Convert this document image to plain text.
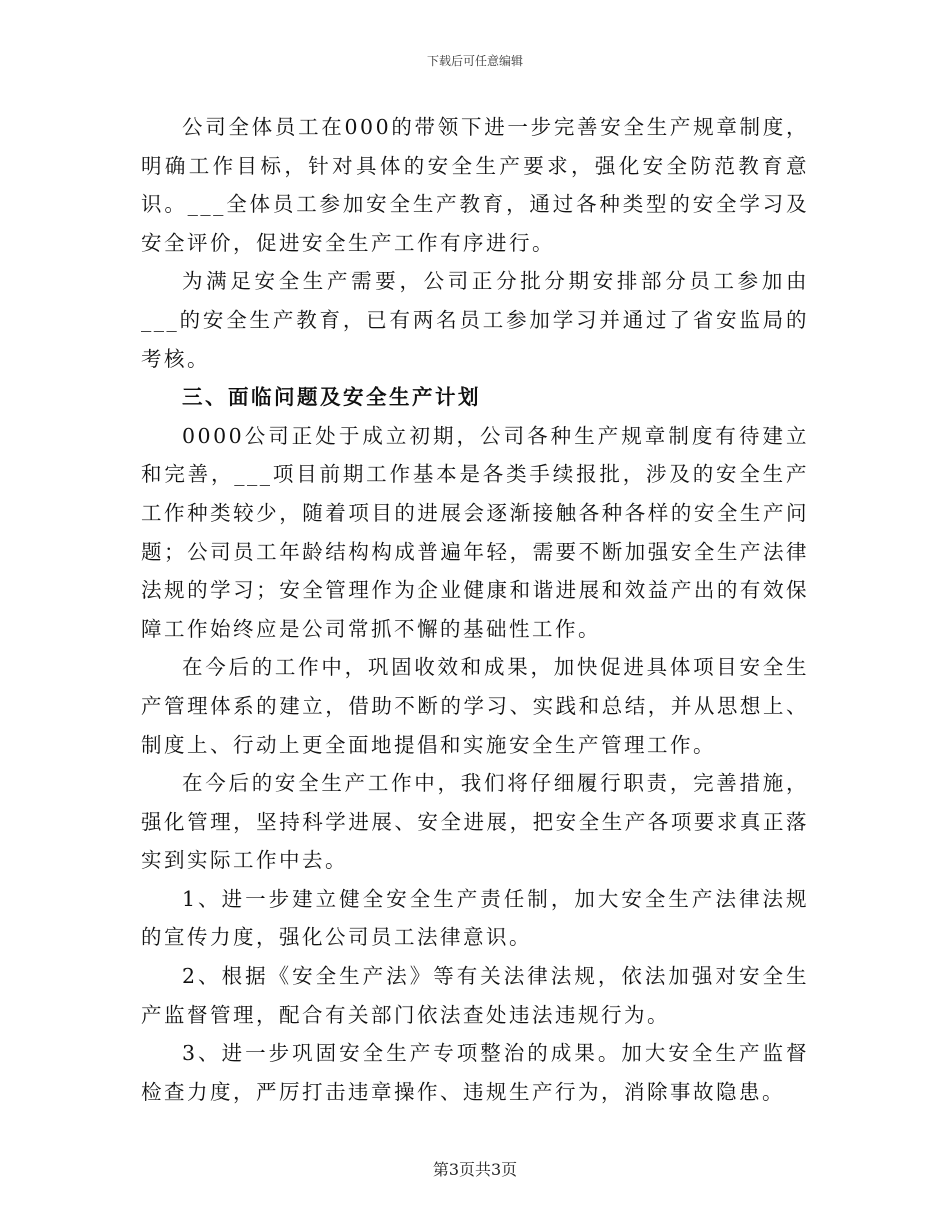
下载后可任意编辑

公司全体员工在000的带领下进一步完善安全生产规章制度，明确工作目标，针对具体的安全生产要求，强化安全防范教育意识。___全体员工参加安全生产教育，通过各种类型的安全学习及安全评价，促进安全生产工作有序进行。

为满足安全生产需要，公司正分批分期安排部分员工参加由___的安全生产教育，已有两名员工参加学习并通过了省安监局的考核。

三、面临问题及安全生产计划

0000公司正处于成立初期，公司各种生产规章制度有待建立和完善，___项目前期工作基本是各类手续报批，涉及的安全生产工作种类较少，随着项目的进展会逐渐接触各种各样的安全生产问题；公司员工年龄结构构成普遍年轻，需要不断加强安全生产法律法规的学习；安全管理作为企业健康和谐进展和效益产出的有效保障工作始终应是公司常抓不懈的基础性工作。

在今后的工作中，巩固收效和成果，加快促进具体项目安全生产管理体系的建立，借助不断的学习、实践和总结，并从思想上、制度上、行动上更全面地提倡和实施安全生产管理工作。

在今后的安全生产工作中，我们将仔细履行职责，完善措施，强化管理，坚持科学进展、安全进展，把安全生产各项要求真正落实到实际工作中去。

1、进一步建立健全安全生产责任制，加大安全生产法律法规的宣传力度，强化公司员工法律意识。

2、根据《安全生产法》等有关法律法规，依法加强对安全生产监督管理，配合有关部门依法查处违法违规行为。

3、进一步巩固安全生产专项整治的成果。加大安全生产监督检查力度，严厉打击违章操作、违规生产行为，消除事故隐患。

第3页共3页
